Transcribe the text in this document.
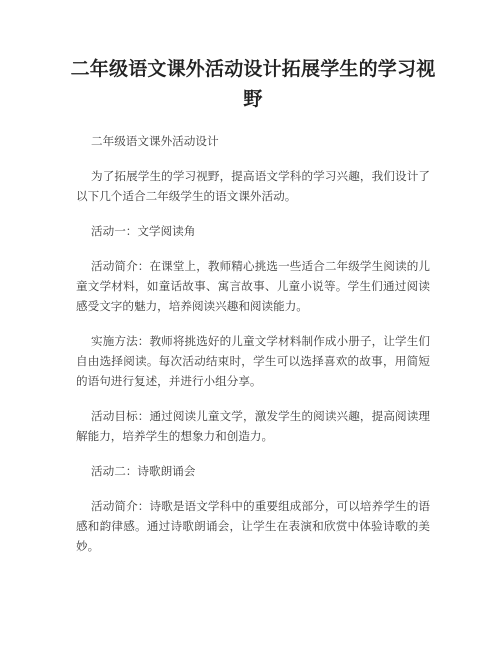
二年级语文课外活动设计拓展学生的学习视野

二年级语文课外活动设计

为了拓展学生的学习视野，提高语文学科的学习兴趣，我们设计了以下几个适合二年级学生的语文课外活动。

活动一：文学阅读角

活动简介：在课堂上，教师精心挑选一些适合二年级学生阅读的儿童文学材料，如童话故事、寓言故事、儿童小说等。学生们通过阅读感受文字的魅力，培养阅读兴趣和阅读能力。

实施方法：教师将挑选好的儿童文学材料制作成小册子，让学生们自由选择阅读。每次活动结束时，学生可以选择喜欢的故事，用简短的语句进行复述，并进行小组分享。

活动目标：通过阅读儿童文学，激发学生的阅读兴趣，提高阅读理解能力，培养学生的想象力和创造力。

活动二：诗歌朗诵会

活动简介：诗歌是语文学科中的重要组成部分，可以培养学生的语感和韵律感。通过诗歌朗诵会，让学生在表演和欣赏中体验诗歌的美妙。
